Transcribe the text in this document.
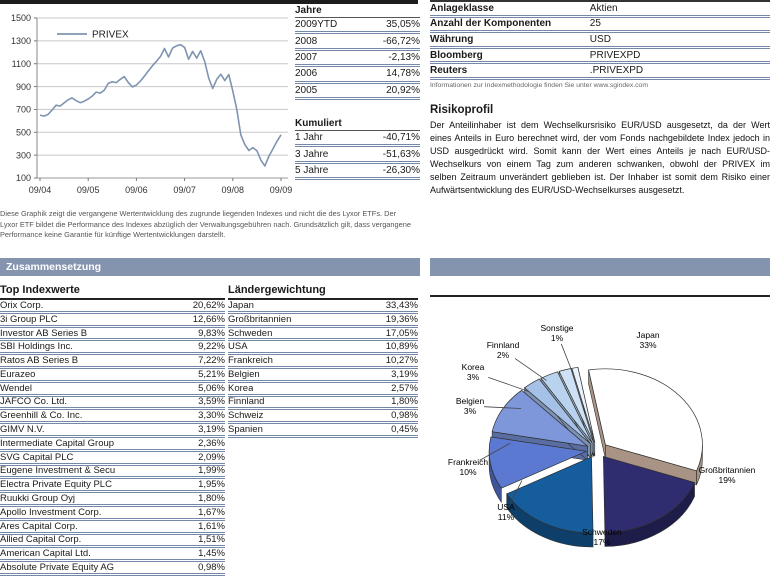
1500
1300
1100
900
700
500
300
100
09/04	09/05	09/06	09/07	09/08	09/09
PRIVEX
Jahre
2009YTD	35,05%
2008	-66,72%
2007	-2,13%
2006	14,78%
2005	20,92%
Kumuliert
1 Jahr	-40,71%
3 Jahre	-51,63%
5 Jahre	-26,30%

Diese Graphik zeigt die vergangene Wertentwicklung des zugrunde liegenden Indexes und nicht die des Lyxor ETFs. Der Lyxor ETF bildet die Performance des Indexes abzüglich der Verwaltungsgebühren nach. Grundsätzlich gilt, dass vergangene Performance keine Garantie für künftige Wertentwicklungen darstellt.

Zusammensetzung
Top Indexwerte
Orix Corp.	20,62%
3i Group PLC	12,66%
Investor AB Series B	9,83%
SBI Holdings Inc.	9,22%
Ratos AB Series B	7,22%
Eurazeo	5,21%
Wendel	5,06%
JAFCO Co. Ltd.	3,59%
Greenhill & Co. Inc.	3,30%
GIMV N.V.	3,19%
Intermediate Capital Group	2,36%
SVG Capital PLC	2,09%
Eugene Investment & Secu	1,99%
Electra Private Equity PLC	1,95%
Ruukki Group Oyj	1,80%
Apollo Investment Corp.	1,67%
Ares Capital Corp.	1,61%
Allied Capital Corp.	1,51%
American Capital Ltd.	1,45%
Absolute Private Equity AG	0,98%
Ländergewichtung
Japan	33,43%
Großbritannien	19,36%
Schweden	17,05%
USA	10,89%
Frankreich	10,27%
Belgien	3,19%
Korea	2,57%
Finnland	1,80%
Schweiz	0,98%
Spanien	0,45%
Anlageklasse	Aktien
Anzahl der Komponenten	25
Währung	USD
Bloomberg	PRIVEXPD
Reuters	.PRIVEXPD

Informationen zur Indexmethodologie finden Sie unter www.sgindex.com

Risikoprofil

Der Anteilinhaber ist dem Wechselkursrisiko EUR/USD ausgesetzt, da der Wert eines Anteils in Euro berechnet wird, der vom Fonds nachgebildete Index jedoch in USD ausgedrückt wird. Somit kann der Wert eines Anteils je nach EUR/USD-Wechselkurs von einem Tag zum anderen schwanken, obwohl der PRIVEX im selben Zeitraum unverändert geblieben ist. Der Inhaber ist somit dem Risiko einer Aufwärtsentwicklung des EUR/USD-Wechselkurses ausgesetzt.

Japan
33%
Großbritannien
19%
Schweden
17%
USA
11%
Frankreich
10%
Belgien
3%
Korea
3%
Finnland
2%
Sonstige
1%
